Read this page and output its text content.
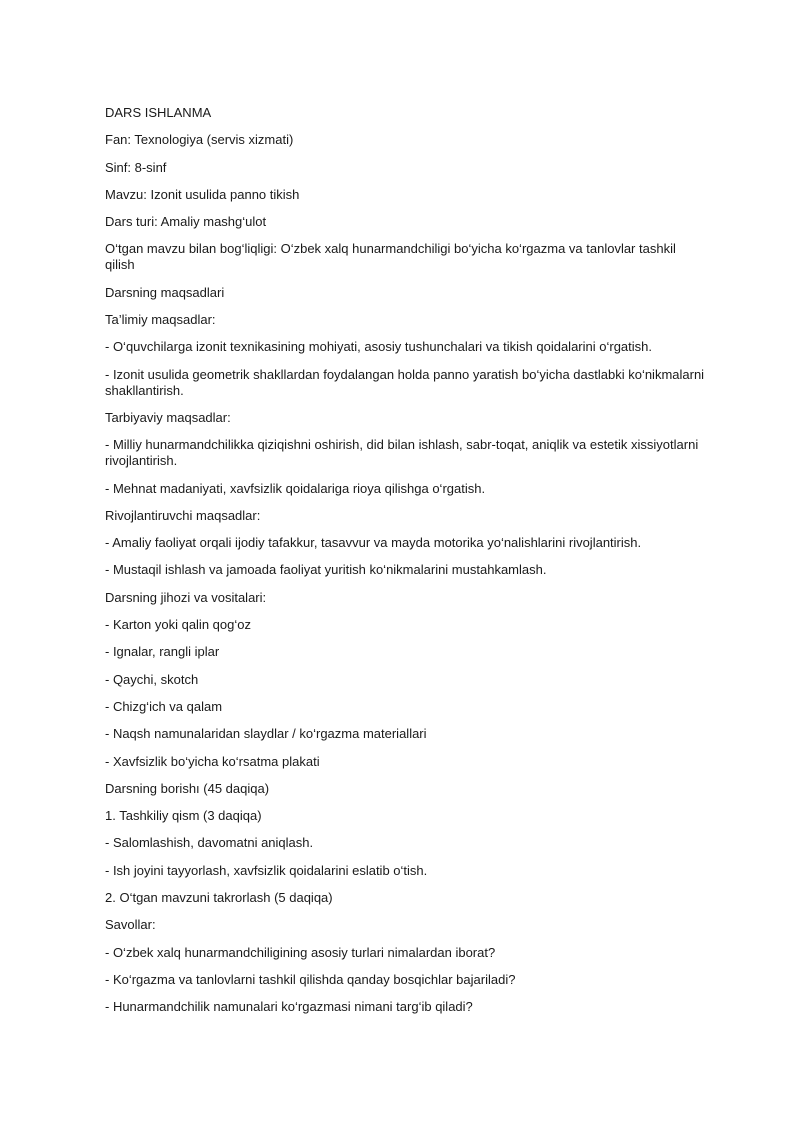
DARS ISHLANMA

Fan: Texnologiya (servis xizmati)

Sinf: 8-sinf

Mavzu: Izonit usulida panno tikish

Dars turi: Amaliy mashg‘ulot

O‘tgan mavzu bilan bog‘liqligi: O‘zbek xalq hunarmandchiligi bo‘yicha ko‘rgazma va tanlovlar tashkil qilish

Darsning maqsadlari

Ta’limiy maqsadlar:

- O‘quvchilarga izonit texnikasining mohiyati, asosiy tushunchalari va tikish qoidalarini o‘rgatish.

- Izonit usulida geometrik shakllardan foydalangan holda panno yaratish bo‘yicha dastlabki ko‘nikmalarni shakllantirish.

Tarbiyaviy maqsadlar:

- Milliy hunarmandchilikka qiziqishni oshirish, did bilan ishlash, sabr-toqat, aniqlik va estetik xissiyotlarni rivojlantirish.

- Mehnat madaniyati, xavfsizlik qoidalariga rioya qilishga o‘rgatish.

Rivojlantiruvchi maqsadlar:

- Amaliy faoliyat orqali ijodiy tafakkur, tasavvur va mayda motorika yo‘nalishlarini rivojlantirish.

- Mustaqil ishlash va jamoada faoliyat yuritish ko‘nikmalarini mustahkamlash.

Darsning jihozi va vositalari:

- Karton yoki qalin qog‘oz

- Ignalar, rangli iplar

- Qaychi, skotch

- Chizg‘ich va qalam

- Naqsh namunalaridan slaydlar / ko‘rgazma materiallari

- Xavfsizlik bo‘yicha ko‘rsatma plakati

Darsning borishı (45 daqiqa)

1. Tashkiliy qism (3 daqiqa)

- Salomlashish, davomatni aniqlash.

- Ish joyini tayyorlash, xavfsizlik qoidalarini eslatib o‘tish.

2. O‘tgan mavzuni takrorlash (5 daqiqa)

Savollar:

- O‘zbek xalq hunarmandchiligining asosiy turlari nimalardan iborat?

- Ko‘rgazma va tanlovlarni tashkil qilishda qanday bosqichlar bajariladi?

- Hunarmandchilik namunalari ko‘rgazmasi nimani targ‘ib qiladi?
